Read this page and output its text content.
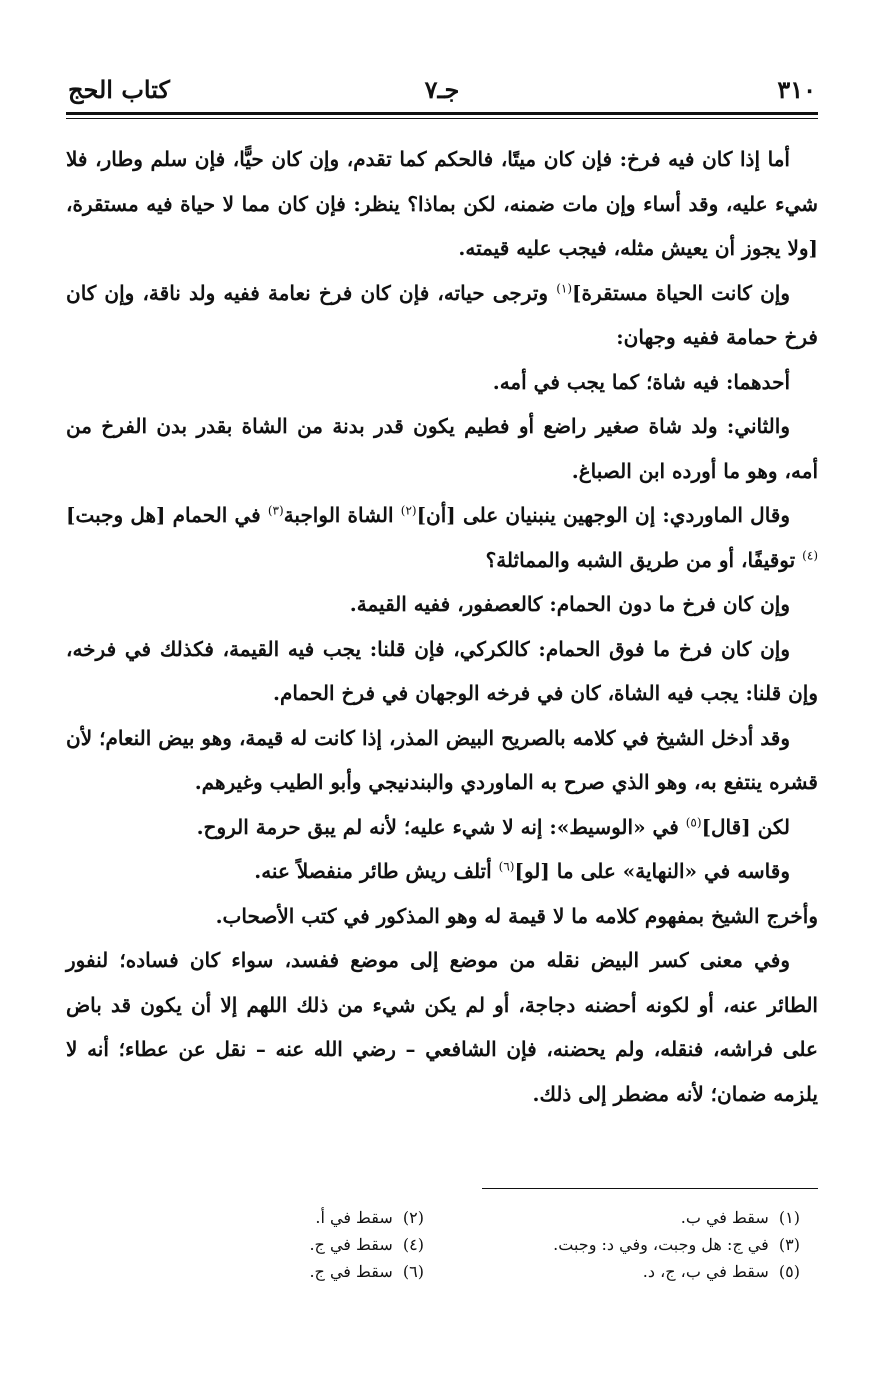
٣١٠
جـ٧
كتاب الحج

أما إذا كان فيه فرخ: فإن كان ميتًا، فالحكم كما تقدم، وإن كان حيًّا، فإن سلم وطار، فلا شيء عليه، وقد أساء وإن مات ضمنه، لكن بماذا؟ ينظر: فإن كان مما لا حياة فيه مستقرة، [ولا يجوز أن يعيش مثله، فيجب عليه قيمته.

وإن كانت الحياة مستقرة]$^{(١)}$ وترجى حياته، فإن كان فرخ نعامة ففيه ولد ناقة، وإن كان فرخ حمامة ففيه وجهان:

أحدهما: فيه شاة؛ كما يجب في أمه.

والثاني: ولد شاة صغير راضع أو فطيم يكون قدر بدنة من الشاة بقدر بدن الفرخ من أمه، وهو ما أورده ابن الصباغ.

وقال الماوردي: إن الوجهين ينبنيان على [أن]$^{(٢)}$ الشاة الواجبة$^{(٣)}$ في الحمام [هل وجبت]$^{(٤)}$ توقيفًا، أو من طريق الشبه والمماثلة؟

وإن كان فرخ ما دون الحمام: كالعصفور، ففيه القيمة.

وإن كان فرخ ما فوق الحمام: كالكركي، فإن قلنا: يجب فيه القيمة، فكذلك في فرخه، وإن قلنا: يجب فيه الشاة، كان في فرخه الوجهان في فرخ الحمام.

وقد أدخل الشيخ في كلامه بالصريح البيض المذر، إذا كانت له قيمة، وهو بيض النعام؛ لأن قشره ينتفع به، وهو الذي صرح به الماوردي والبندنيجي وأبو الطيب وغيرهم.

لكن [قال]$^{(٥)}$ في «الوسيط»: إنه لا شيء عليه؛ لأنه لم يبق حرمة الروح.

وقاسه في «النهاية» على ما [لو]$^{(٦)}$ أتلف ريش طائر منفصلاً عنه.

وأخرج الشيخ بمفهوم كلامه ما لا قيمة له وهو المذكور في كتب الأصحاب.

وفي معنى كسر البيض نقله من موضع إلى موضع ففسد، سواء كان فساده؛ لنفور الطائر عنه، أو لكونه أحضنه دجاجة، أو لم يكن شيء من ذلك اللهم إلا أن يكون قد باض على فراشه، فنقله، ولم يحضنه، فإن الشافعي – رضي الله عنه – نقل عن عطاء؛ أنه لا يلزمه ضمان؛ لأنه مضطر إلى ذلك.

(١)  سقط في ب.
(٢)  سقط في أ.
(٣)  في ج: هل وجبت، وفي د: وجبت.
(٤)  سقط في ج.
(٥)  سقط في ب، ج، د.
(٦)  سقط في ج.
